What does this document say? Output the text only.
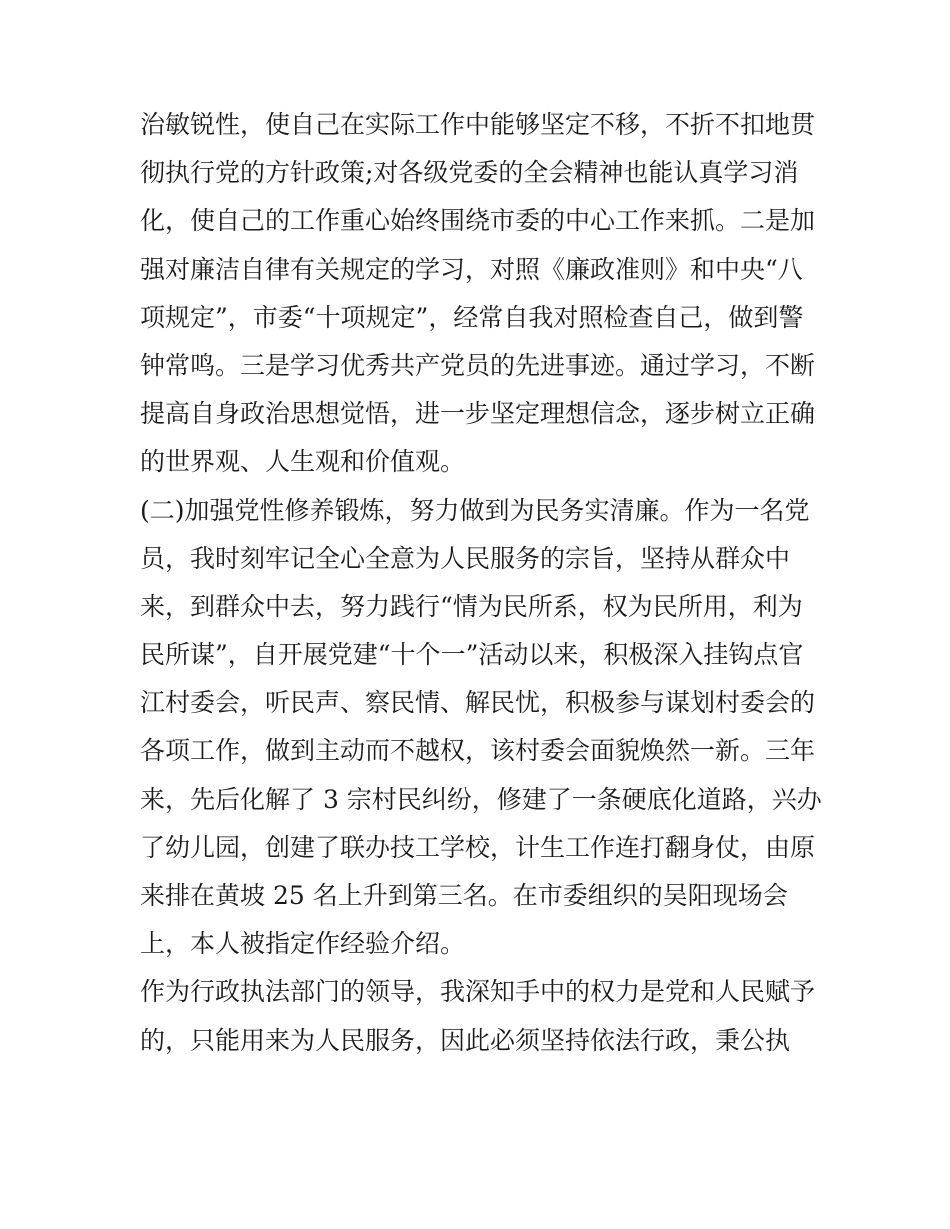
治敏锐性，使自己在实际工作中能够坚定不移，不折不扣地贯
彻执行党的方针政策;对各级党委的全会精神也能认真学习消
化，使自己的工作重心始终围绕市委的中心工作来抓。二是加
强对廉洁自律有关规定的学习，对照《廉政准则》和中央“八
项规定”，市委“十项规定”，经常自我对照检查自己，做到警
钟常鸣。三是学习优秀共产党员的先进事迹。通过学习，不断
提高自身政治思想觉悟，进一步坚定理想信念，逐步树立正确
的世界观、人生观和价值观。
(二)加强党性修养锻炼，努力做到为民务实清廉。作为一名党
员，我时刻牢记全心全意为人民服务的宗旨，坚持从群众中
来，到群众中去，努力践行“情为民所系，权为民所用，利为
民所谋”，自开展党建“十个一”活动以来，积极深入挂钩点官
江村委会，听民声、察民情、解民忧，积极参与谋划村委会的
各项工作，做到主动而不越权，该村委会面貌焕然一新。三年
来，先后化解了 3 宗村民纠纷，修建了一条硬底化道路，兴办
了幼儿园，创建了联办技工学校，计生工作连打翻身仗，由原
来排在黄坡 25 名上升到第三名。在市委组织的吴阳现场会
上，本人被指定作经验介绍。
作为行政执法部门的领导，我深知手中的权力是党和人民赋予
的，只能用来为人民服务，因此必须坚持依法行政，秉公执
